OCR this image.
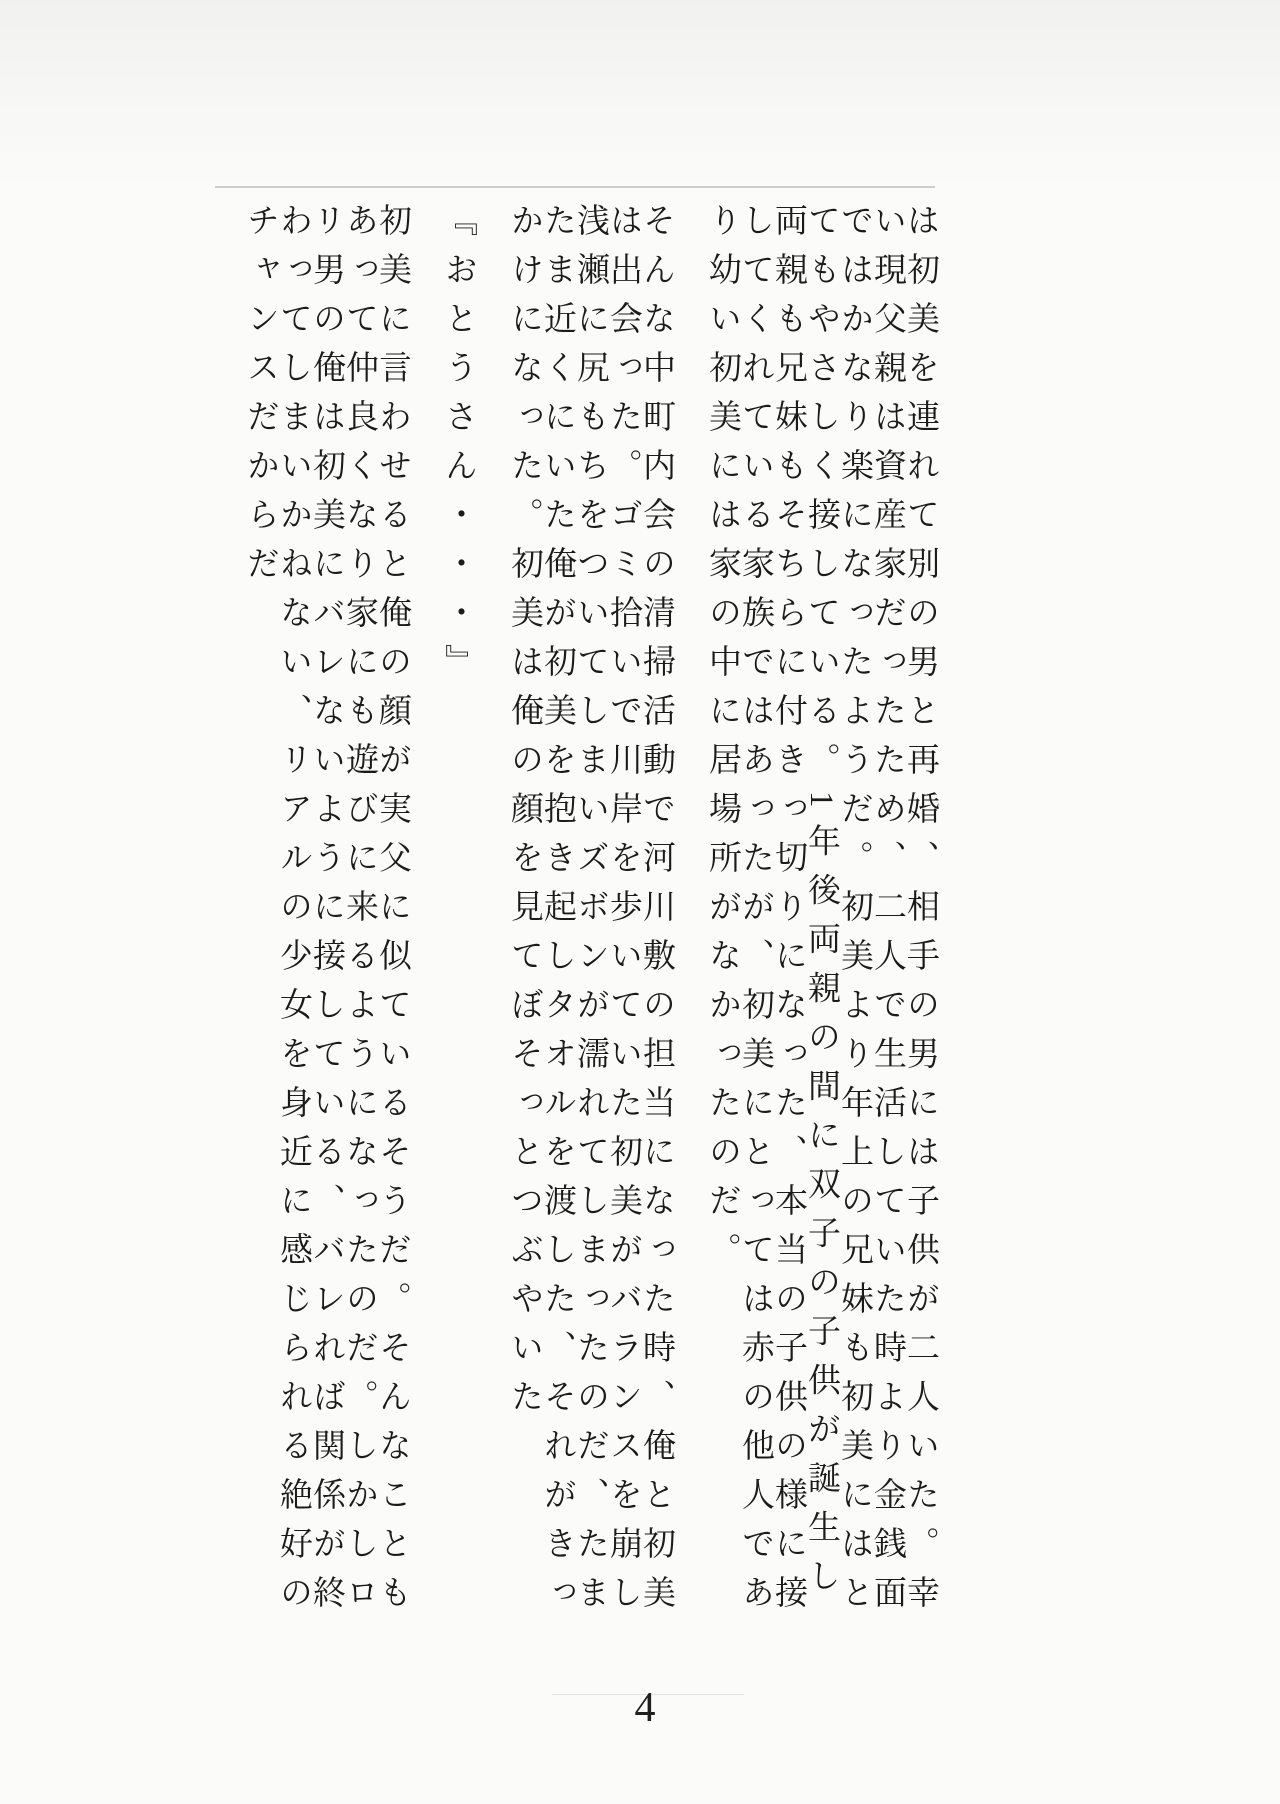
は初美を連れて別の男と再婚、相手の男には子供が二人いた。幸
い現父親は資産家だったため、二人で生活していた時より金銭面
ではかなり楽になったようだ。初美より年上の兄妹も初美にはと
てもやさしく接している。1年後両親の間に双子の子供が誕生し
両親も兄妹もそちらに付きっ切りになった、本当の子供の様に接
してくれている家族ではあったが、初美にとっては赤の他人であ
り幼い初美には家の中に居場所がなかったのだ。
そんな中町内会の清掃活動で河川敷の担当になった時、俺と初美
は出会った。ゴミ拾いで川岸を歩いていた初美がバランスを崩し
浅瀬に尻もちをついてしまいズボンが濡れてしまったのだ、たま
たま近くにいた俺が初美を抱き起しタオルを渡した、それがきっ
かけになった。初美は俺の顔を見てぼそっとつぶやいた
『おとうさん・・・』
初美に言わせると俺の顔が実父に似ているそうだ。そんなことも
あって仲良くなり家にも遊びに来るようになったのだ。しかしロ
リ男の俺は初美にバレないように接している、バレれば関係が終
わってしまいかねない、リアルの少女を身近に感じられる絶好の
チャンスだからだ
4
